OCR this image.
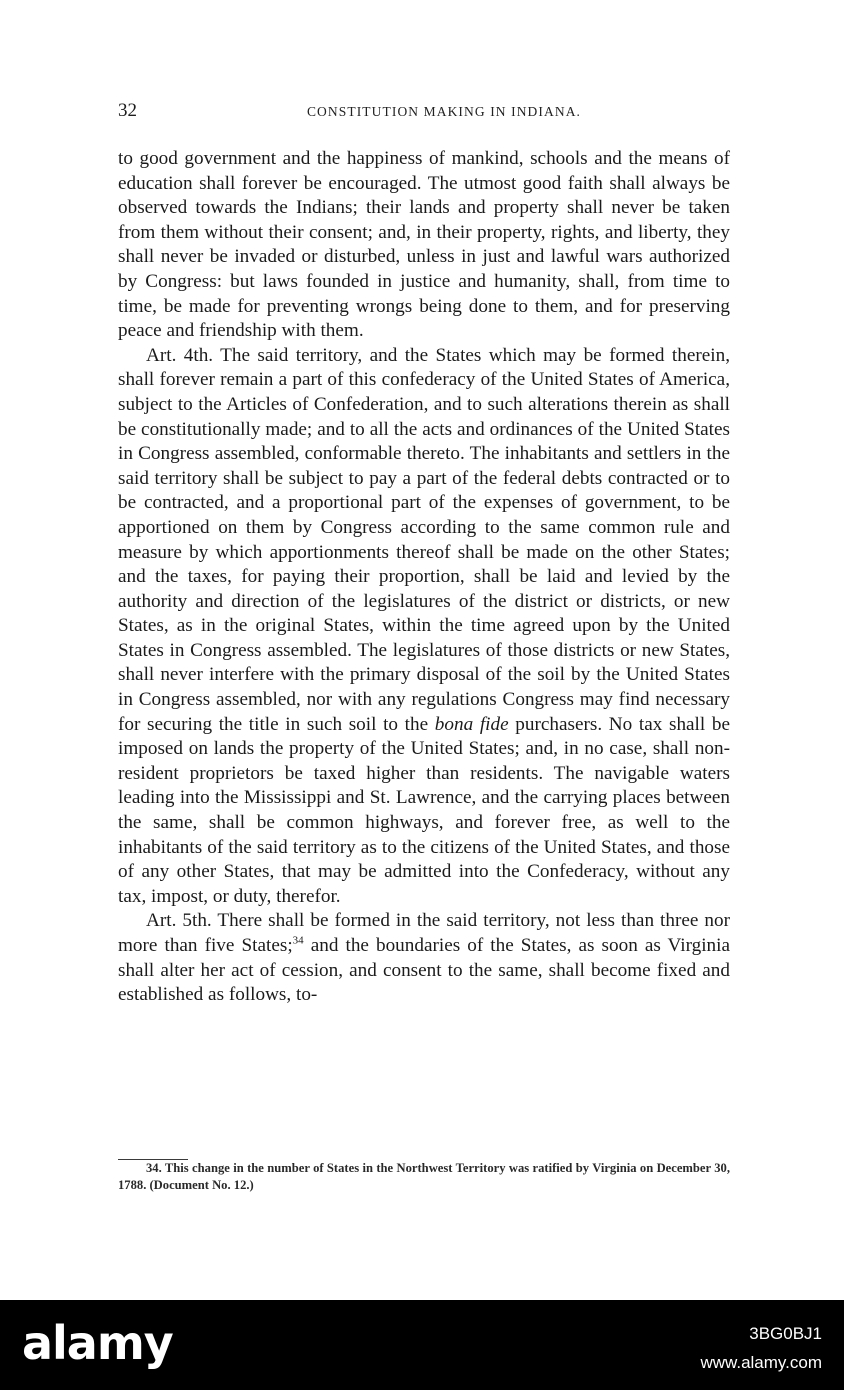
32	CONSTITUTION MAKING IN INDIANA.

to good government and the happiness of mankind, schools and the means of education shall forever be encouraged. The utmost good faith shall always be observed towards the Indians; their lands and property shall never be taken from them without their consent; and, in their property, rights, and liberty, they shall never be invaded or disturbed, unless in just and lawful wars authorized by Congress: but laws founded in justice and humanity, shall, from time to time, be made for preventing wrongs being done to them, and for preserving peace and friendship with them.

Art. 4th. The said territory, and the States which may be formed therein, shall forever remain a part of this confederacy of the United States of America, subject to the Articles of Confederation, and to such alterations therein as shall be constitutionally made; and to all the acts and ordinances of the United States in Congress assembled, conformable thereto. The inhabitants and settlers in the said territory shall be subject to pay a part of the federal debts contracted or to be contracted, and a proportional part of the expenses of government, to be apportioned on them by Congress according to the same common rule and measure by which apportionments thereof shall be made on the other States; and the taxes, for paying their proportion, shall be laid and levied by the authority and direction of the legislatures of the district or districts, or new States, as in the original States, within the time agreed upon by the United States in Congress assembled. The legislatures of those districts or new States, shall never interfere with the primary disposal of the soil by the United States in Congress assembled, nor with any regulations Congress may find necessary for securing the title in such soil to the bona fide purchasers. No tax shall be imposed on lands the property of the United States; and, in no case, shall non-resident proprietors be taxed higher than residents. The navigable waters leading into the Mississippi and St. Lawrence, and the carrying places between the same, shall be common highways, and forever free, as well to the inhabitants of the said territory as to the citizens of the United States, and those of any other States, that may be admitted into the Confederacy, without any tax, impost, or duty, therefor.

Art. 5th. There shall be formed in the said territory, not less than three nor more than five States;$^{34}$ and the boundaries of the States, as soon as Virginia shall alter her act of cession, and consent to the same, shall become fixed and established as follows, to-

34. This change in the number of States in the Northwest Territory was ratified by Virginia on December 30, 1788. (Document No. 12.)

alamy	3BG0BJ1
www.alamy.com
